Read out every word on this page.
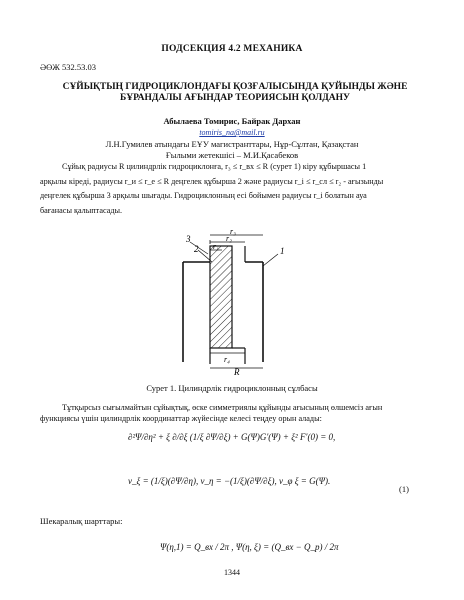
ПОДСЕКЦИЯ 4.2 МЕХАНИКА
ӘӨЖ 532.53.03
СҰЙЫҚТЫҢ ГИДРОЦИКЛОНДАҒЫ ҚОЗҒАЛЫСЫНДА ҚУЙЫНДЫ ЖӘНЕ
БҰРАНДАЛЫ АҒЫНДАР ТЕОРИЯСЫН ҚОЛДАНУ
Абылаева Томирис, Байрак Дархан
tomiris_na@mail.ru
Л.Н.Гумилев атындағы ЕҰУ магистранттары, Нұр-Сұлтан, Қазақстан
Ғылыми жетекшісі – М.И.Қасабеков
Сұйық радиусы R цилиндрлік гидроциклонға, r₃ ≤ r_вх ≤ R (сурет 1) кіру құбыршасы 1
арқылы кіреді, радиусы r_и ≤ r_e ≤ R деңгелек құбырша 2 және радиусы r_i ≤ r_сл ≤ r₂ - ағызынды
деңгелек құбырша 3 арқылы шығады. Гидроциклонның есі бойымен радиусы r_i болатын ауа
бағанасы қалыптасады.
3
1
2 r₁
r₂
r₃
r₄
R
Сурет 1. Цилиндрлік гидроциклонның сұлбасы
Тұтқырсыз сығылмайтын сұйықтық, өске симметриялы құйынды ағысының өлшемсіз ағын
функциясы үшін цилиндрлік координаттар жүйесінде келесі теңдеу орын алады:
∂²Ψ/∂η² + ξ ∂/∂ξ (1/ξ ∂Ψ/∂ξ) + G(Ψ)G′(Ψ) + ξ² F′(0) = 0,
v_ξ = (1/ξ)(∂Ψ/∂η), v_η = −(1/ξ)(∂Ψ/∂ξ), v_φ ξ = G(Ψ).
(1)
Шекаралық шарттары:
Ψ(η,1) = Q_вх / 2π , Ψ(η, ξ) = (Q_вх − Q_р) / 2π
1344
